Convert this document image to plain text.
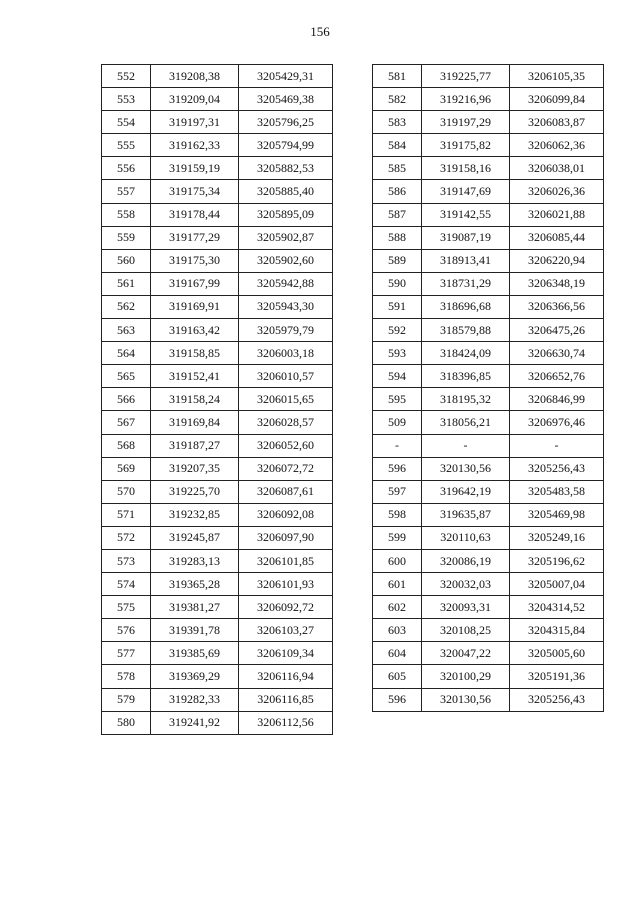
156
552	319208,38	3205429,31
553	319209,04	3205469,38
554	319197,31	3205796,25
555	319162,33	3205794,99
556	319159,19	3205882,53
557	319175,34	3205885,40
558	319178,44	3205895,09
559	319177,29	3205902,87
560	319175,30	3205902,60
561	319167,99	3205942,88
562	319169,91	3205943,30
563	319163,42	3205979,79
564	319158,85	3206003,18
565	319152,41	3206010,57
566	319158,24	3206015,65
567	319169,84	3206028,57
568	319187,27	3206052,60
569	319207,35	3206072,72
570	319225,70	3206087,61
571	319232,85	3206092,08
572	319245,87	3206097,90
573	319283,13	3206101,85
574	319365,28	3206101,93
575	319381,27	3206092,72
576	319391,78	3206103,27
577	319385,69	3206109,34
578	319369,29	3206116,94
579	319282,33	3206116,85
580	319241,92	3206112,56
581	319225,77	3206105,35
582	319216,96	3206099,84
583	319197,29	3206083,87
584	319175,82	3206062,36
585	319158,16	3206038,01
586	319147,69	3206026,36
587	319142,55	3206021,88
588	319087,19	3206085,44
589	318913,41	3206220,94
590	318731,29	3206348,19
591	318696,68	3206366,56
592	318579,88	3206475,26
593	318424,09	3206630,74
594	318396,85	3206652,76
595	318195,32	3206846,99
509	318056,21	3206976,46
-	-	-
596	320130,56	3205256,43
597	319642,19	3205483,58
598	319635,87	3205469,98
599	320110,63	3205249,16
600	320086,19	3205196,62
601	320032,03	3205007,04
602	320093,31	3204314,52
603	320108,25	3204315,84
604	320047,22	3205005,60
605	320100,29	3205191,36
596	320130,56	3205256,43
